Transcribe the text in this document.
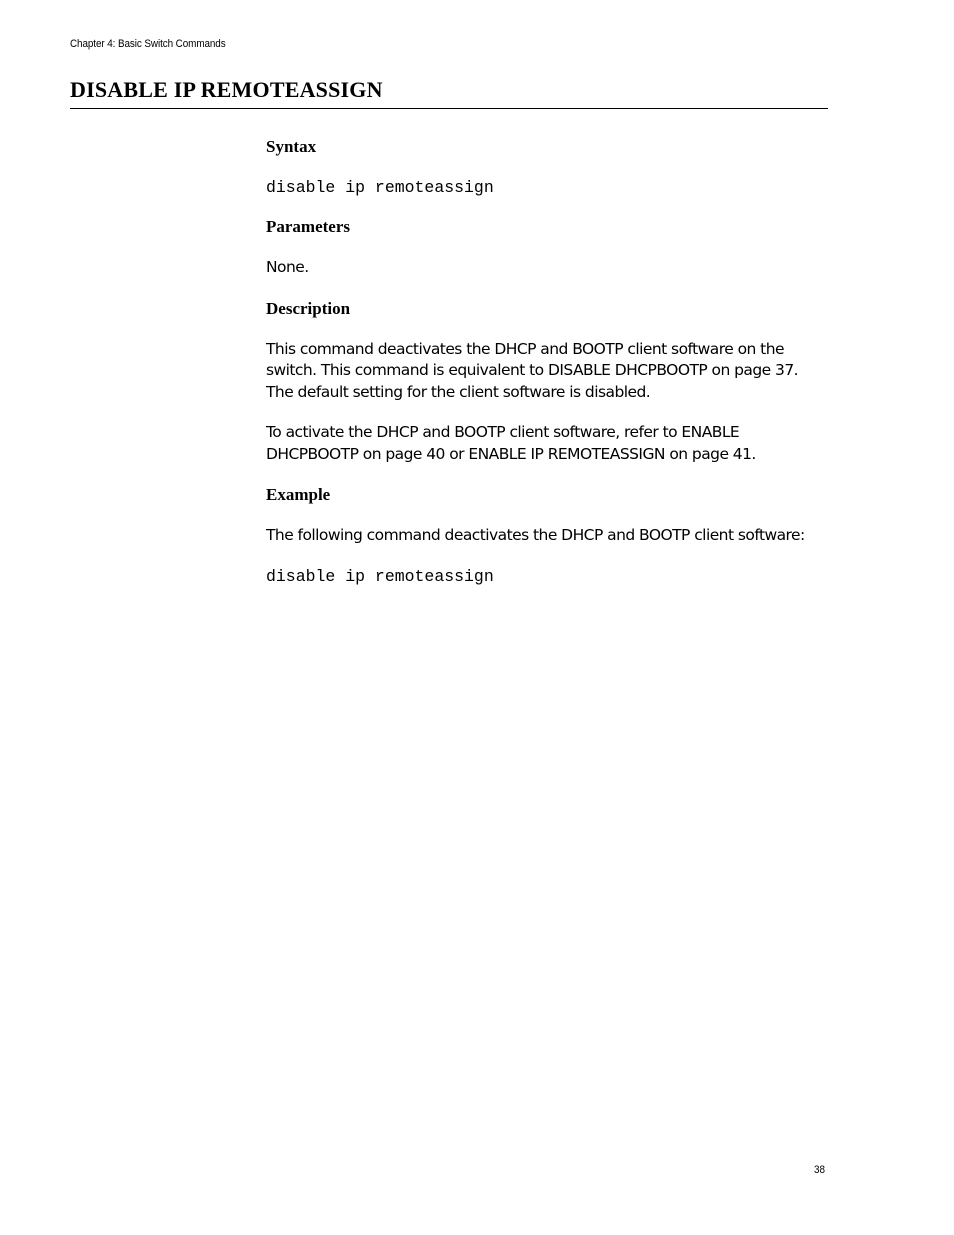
Chapter 4: Basic Switch Commands
DISABLE IP REMOTEASSIGN
Syntax
disable ip remoteassign
Parameters

None.

Description

This command deactivates the DHCP and BOOTP client software on the switch. This command is equivalent to DISABLE DHCPBOOTP on page 37. The default setting for the client software is disabled.

To activate the DHCP and BOOTP client software, refer to ENABLE DHCPBOOTP on page 40 or ENABLE IP REMOTEASSIGN on page 41.

Example

The following command deactivates the DHCP and BOOTP client software:

disable ip remoteassign
38
